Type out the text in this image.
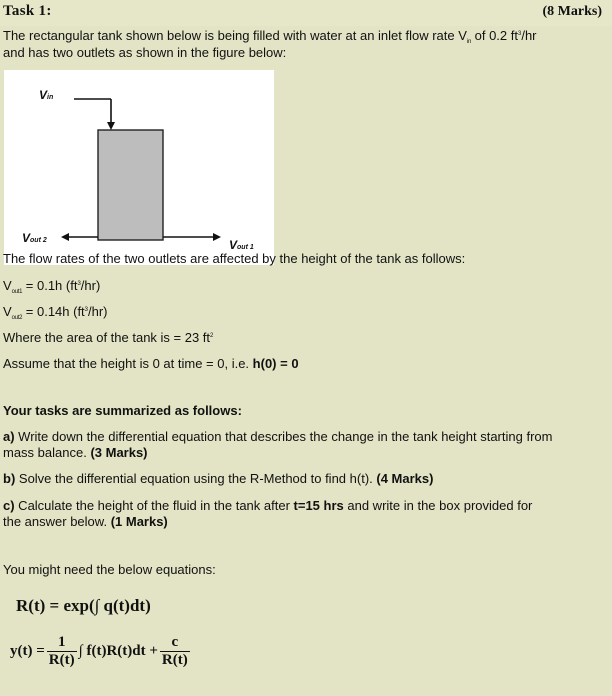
Task 1:	(8 Marks)
The rectangular tank shown below is being filled with water at an inlet flow rate $V_{in}$ of 0.2 $ft^3/hr$
and has two outlets as shown in the figure below:
Vin
Vout 2	Vout 1
The flow rates of the two outlets are affected by the height of the tank as follows:
$V_{out1} = 0.1h$ $(ft^3/hr)$
$V_{out2} = 0.14h$ $(ft^3/hr)$
Where the area of the tank is = 23 $ft^2$
Assume that the height is 0 at time = 0, i.e. h(0) = 0
Your tasks are summarized as follows:
a) Write down the differential equation that describes the change in the tank height starting from
mass balance. (3 Marks)
b) Solve the differential equation using the R-Method to find h(t). (4 Marks)
c) Calculate the height of the fluid in the tank after t=15 hrs and write in the box provided for
the answer below. (1 Marks)
You might need the below equations:
R(t) = exp(∫ q(t)dt)
$y(t) = \frac{1}{R(t)}$ ∫ $f(t)R(t)dt + \frac{c}{R(t)}$
